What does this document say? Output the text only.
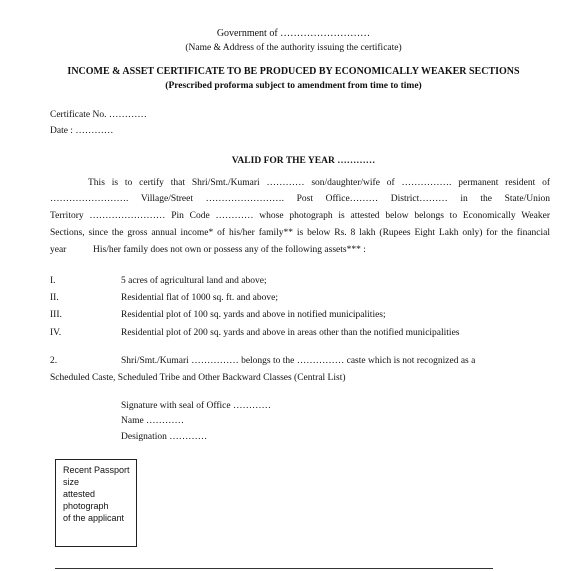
Government of ………………………
(Name & Address of the authority issuing the certificate)
INCOME & ASSET CERTIFICATE TO BE PRODUCED BY ECONOMICALLY WEAKER SECTIONS
(Prescribed proforma subject to amendment from time to time)
Certificate No. …………
Date : …………
VALID FOR THE YEAR …………
This is to certify that Shri/Smt./Kumari ………… son/daughter/wife of ……………. permanent resident of
……………………. Village/Street ……………………. Post Office……… District……… in the State/Union
Territory …………………… Pin Code ………… whose photograph is attested below belongs to Economically Weaker
Sections, since the gross annual income* of his/her family** is below Rs. 8 lakh (Rupees Eight Lakh only) for the financial
year	His/her family does not own or possess any of the following assets*** :
I.	5 acres of agricultural land and above;
II.	Residential flat of 1000 sq. ft. and above;
III.	Residential plot of 100 sq. yards and above in notified municipalities;
IV.	Residential plot of 200 sq. yards and above in areas other than the notified municipalities
2.	Shri/Smt./Kumari …………… belongs to the …………… caste which is not recognized as a
Scheduled Caste, Scheduled Tribe and Other Backward Classes (Central List)
Signature with seal of Office …………
Name …………
Designation …………
Recent Passport
size
attested
photograph
of the applicant
